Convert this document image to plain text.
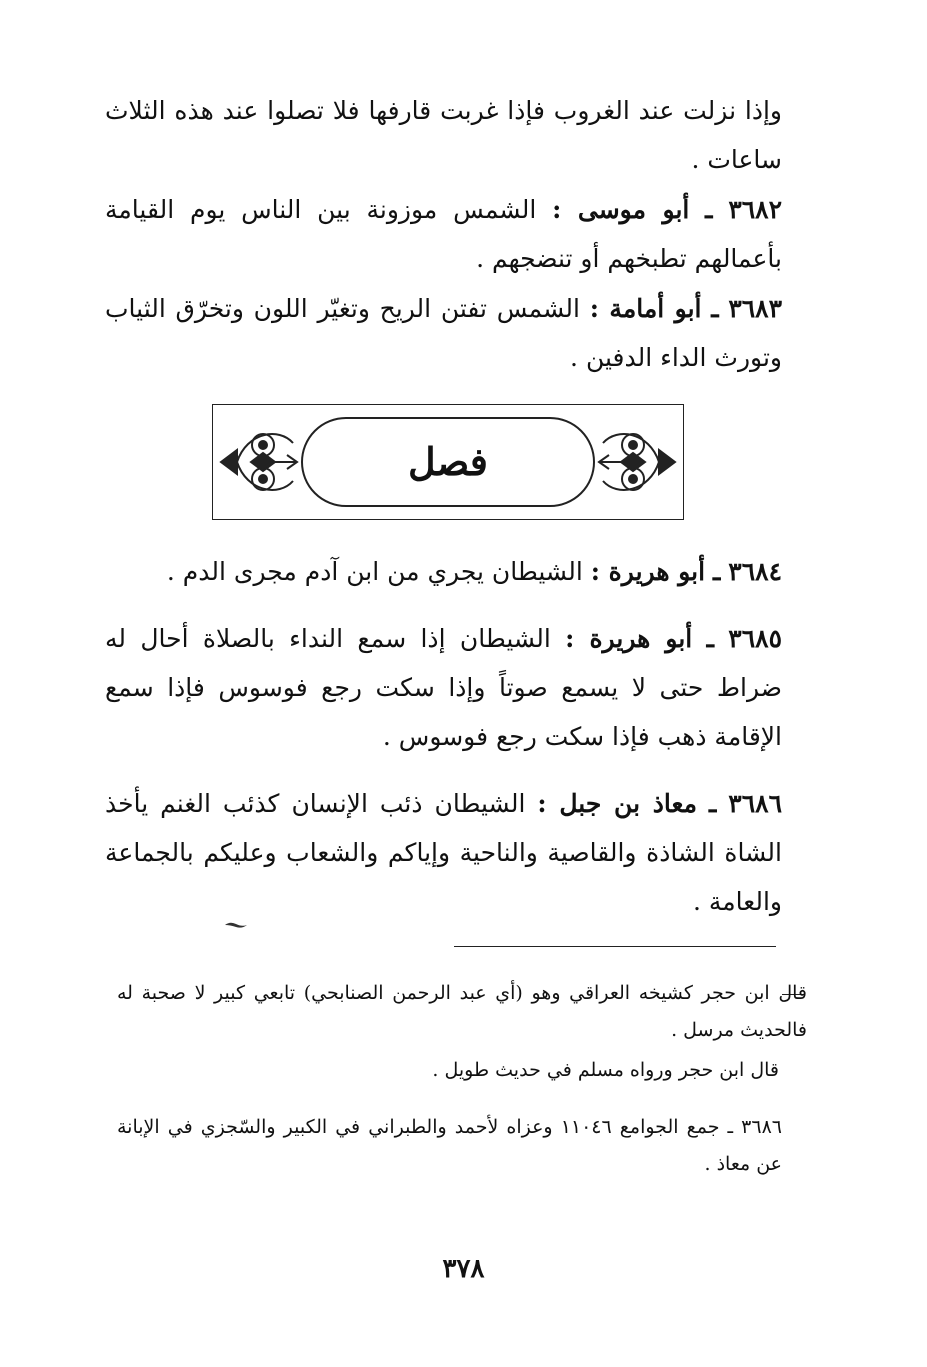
وإذا نزلت عند الغروب فإذا غربت قارفها فلا تصلوا عند هذه الثلاث ساعات .
٣٦٨٢ ـ أبو موسى : الشمس موزونة بين الناس يوم القيامة بأعمالهم تطبخهم أو تنضجهم .
٣٦٨٣ ـ أبو أمامة : الشمس تفتن الريح وتغيّر اللون وتخرّق الثياب وتورث الداء الدفين .
فصل
٣٦٨٤ ـ أبو هريرة : الشيطان يجري من ابن آدم مجرى الدم .
٣٦٨٥ ـ أبو هريرة : الشيطان إذا سمع النداء بالصلاة أحال له ضراط حتى لا يسمع صوتاً وإذا سكت رجع فوسوس فإذا سمع الإقامة ذهب فإذا سكت رجع فوسوس .
٣٦٨٦ ـ معاذ بن جبل : الشيطان ذئب الإنسان كذئب الغنم يأخذ الشاة الشاذة والقاصية والناحية وإياكم والشعاب وعليكم بالجماعة والعامة .
قال ابن حجر كشيخه العراقي وهو (أي عبد الرحمن الصنابحي) تابعي كبير لا صحبة له فالحديث مرسل .
قال ابن حجر ورواه مسلم في حديث طويل .
٣٦٨٦ ـ جمع الجوامع ١١٠٤٦ وعزاه لأحمد والطبراني في الكبير والسّجزي في الإبانة عن معاذ .
٣٧٨
